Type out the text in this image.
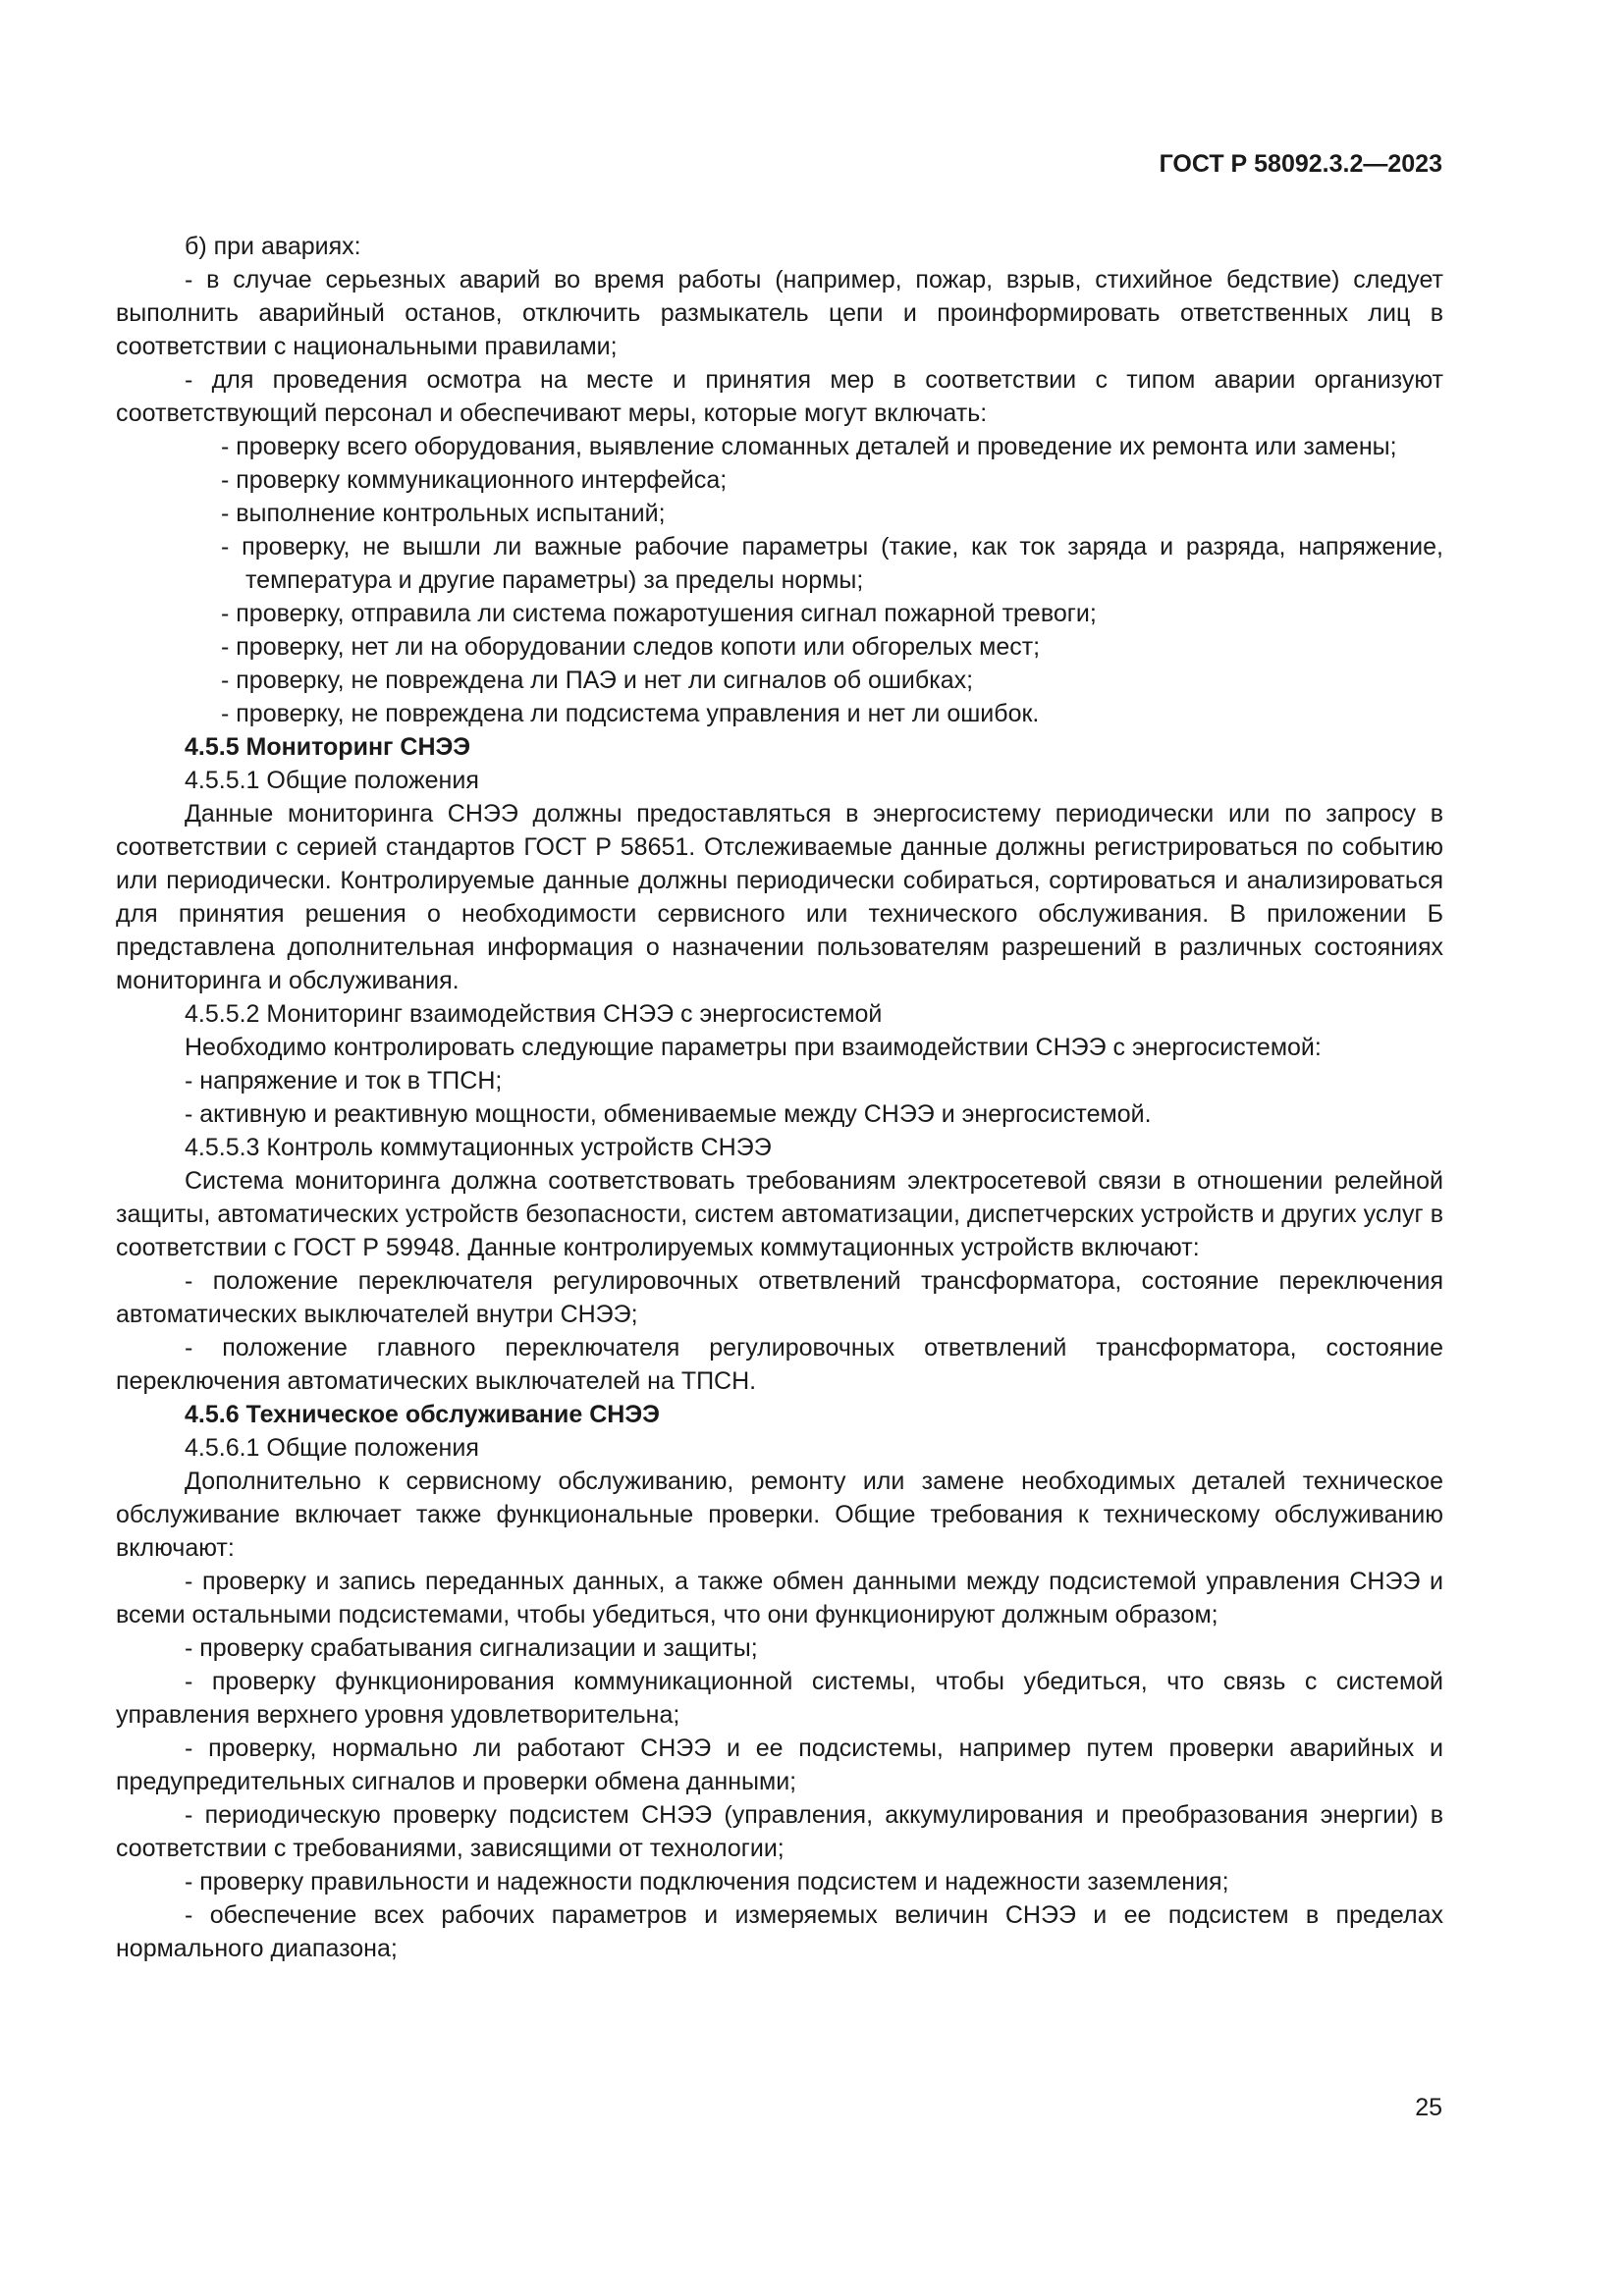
ГОСТ Р 58092.3.2—2023

б) при авариях:

- в случае серьезных аварий во время работы (например, пожар, взрыв, стихийное бедствие) следует выполнить аварийный останов, отключить размыкатель цепи и проинформировать ответственных лиц в соответствии с национальными правилами;

- для проведения осмотра на месте и принятия мер в соответствии с типом аварии организуют соответствующий персонал и обеспечивают меры, которые могут включать:

- проверку всего оборудования, выявление сломанных деталей и проведение их ремонта или замены;

- проверку коммуникационного интерфейса;

- выполнение контрольных испытаний;

- проверку, не вышли ли важные рабочие параметры (такие, как ток заряда и разряда, напряжение, температура и другие параметры) за пределы нормы;

- проверку, отправила ли система пожаротушения сигнал пожарной тревоги;

- проверку, нет ли на оборудовании следов копоти или обгорелых мест;

- проверку, не повреждена ли ПАЭ и нет ли сигналов об ошибках;

- проверку, не повреждена ли подсистема управления и нет ли ошибок.

4.5.5 Мониторинг СНЭЭ

4.5.5.1 Общие положения

Данные мониторинга СНЭЭ должны предоставляться в энергосистему периодически или по запросу в соответствии с серией стандартов ГОСТ Р 58651. Отслеживаемые данные должны регистрироваться по событию или периодически. Контролируемые данные должны периодически собираться, сортироваться и анализироваться для принятия решения о необходимости сервисного или технического обслуживания. В приложении Б представлена дополнительная информация о назначении пользователям разрешений в различных состояниях мониторинга и обслуживания.

4.5.5.2 Мониторинг взаимодействия СНЭЭ с энергосистемой

Необходимо контролировать следующие параметры при взаимодействии СНЭЭ с энергосистемой:

- напряжение и ток в ТПСН;

- активную и реактивную мощности, обмениваемые между СНЭЭ и энергосистемой.

4.5.5.3 Контроль коммутационных устройств СНЭЭ

Система мониторинга должна соответствовать требованиям электросетевой связи в отношении релейной защиты, автоматических устройств безопасности, систем автоматизации, диспетчерских устройств и других услуг в соответствии с ГОСТ Р 59948. Данные контролируемых коммутационных устройств включают:

- положение переключателя регулировочных ответвлений трансформатора, состояние переключения автоматических выключателей внутри СНЭЭ;

- положение главного переключателя регулировочных ответвлений трансформатора, состояние переключения автоматических выключателей на ТПСН.

4.5.6 Техническое обслуживание СНЭЭ

4.5.6.1 Общие положения

Дополнительно к сервисному обслуживанию, ремонту или замене необходимых деталей техническое обслуживание включает также функциональные проверки. Общие требования к техническому обслуживанию включают:

- проверку и запись переданных данных, а также обмен данными между подсистемой управления СНЭЭ и всеми остальными подсистемами, чтобы убедиться, что они функционируют должным образом;

- проверку срабатывания сигнализации и защиты;

- проверку функционирования коммуникационной системы, чтобы убедиться, что связь с системой управления верхнего уровня удовлетворительна;

- проверку, нормально ли работают СНЭЭ и ее подсистемы, например путем проверки аварийных и предупредительных сигналов и проверки обмена данными;

- периодическую проверку подсистем СНЭЭ (управления, аккумулирования и преобразования энергии) в соответствии с требованиями, зависящими от технологии;

- проверку правильности и надежности подключения подсистем и надежности заземления;

- обеспечение всех рабочих параметров и измеряемых величин СНЭЭ и ее подсистем в пределах нормального диапазона;

25
